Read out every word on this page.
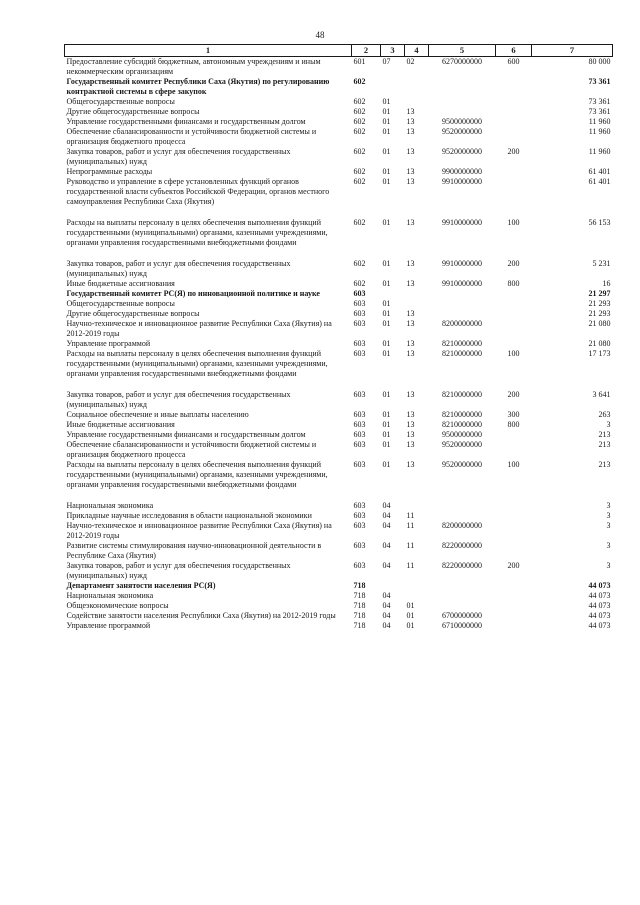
48
1	2	3	4	5	6	7
Предоставление субсидий бюджетным, автономным учреждениям и иным некоммерческим организациям	601	07	02	6270000000	600	80 000
Государственный комитет Республики Саха (Якутия) по регулированию контрактной системы в сфере закупок	602					73 361
Общегосударственные вопросы	602	01				73 361
Другие общегосударственные вопросы	602	01	13			73 361
Управление государственными финансами и государственным долгом	602	01	13	9500000000		11 960
Обеспечение сбалансированности и устойчивости бюджетной системы и организация бюджетного процесса	602	01	13	9520000000		11 960
Закупка товаров, работ и услуг для обеспечения государственных (муниципальных) нужд	602	01	13	9520000000	200	11 960
Непрограммные расходы	602	01	13	9900000000		61 401
Руководство и управление в сфере установленных функций органов государственной власти субъектов Российской Федерации, органов местного самоуправления Республики Саха (Якутия)	602	01	13	9910000000		61 401
Расходы на выплаты персоналу в целях обеспечения выполнения функций государственными (муниципальными) органами, казенными учреждениями, органами управления государственными внебюджетными фондами	602	01	13	9910000000	100	56 153
Закупка товаров, работ и услуг для обеспечения государственных (муниципальных) нужд	602	01	13	9910000000	200	5 231
Иные бюджетные ассигнования	602	01	13	9910000000	800	16
Государственный комитет РС(Я) по инновационной политике и науке	603					21 297
Общегосударственные вопросы	603	01				21 293
Другие общегосударственные вопросы	603	01	13			21 293
Научно-техническое и инновационное развитие Республики Саха (Якутия) на 2012-2019 годы	603	01	13	8200000000		21 080
Управление программой	603	01	13	8210000000		21 080
Расходы на выплаты персоналу в целях обеспечения выполнения функций государственными (муниципальными) органами, казенными учреждениями, органами управления государственными внебюджетными фондами	603	01	13	8210000000	100	17 173
Закупка товаров, работ и услуг для обеспечения государственных (муниципальных) нужд	603	01	13	8210000000	200	3 641
Социальное обеспечение и иные выплаты населению	603	01	13	8210000000	300	263
Иные бюджетные ассигнования	603	01	13	8210000000	800	3
Управление государственными финансами и государственным долгом	603	01	13	9500000000		213
Обеспечение сбалансированности и устойчивости бюджетной системы и организация бюджетного процесса	603	01	13	9520000000		213
Расходы на выплаты персоналу в целях обеспечения выполнения функций государственными (муниципальными) органами, казенными учреждениями, органами управления государственными внебюджетными фондами	603	01	13	9520000000	100	213
Национальная экономика	603	04				3
Прикладные научные исследования в области национальной экономики	603	04	11			3
Научно-техническое и инновационное развитие Республики Саха (Якутия) на 2012-2019 годы	603	04	11	8200000000		3
Развитие системы стимулирования научно-инновационной деятельности в Республике Саха (Якутия)	603	04	11	8220000000		3
Закупка товаров, работ и услуг для обеспечения государственных (муниципальных) нужд	603	04	11	8220000000	200	3
Департамент занятости населения РС(Я)	718					44 073
Национальная экономика	718	04				44 073
Общеэкономические вопросы	718	04	01			44 073
Содействие занятости населения Республики Саха (Якутия) на 2012-2019 годы	718	04	01	6700000000		44 073
Управление программой	718	04	01	6710000000		44 073
